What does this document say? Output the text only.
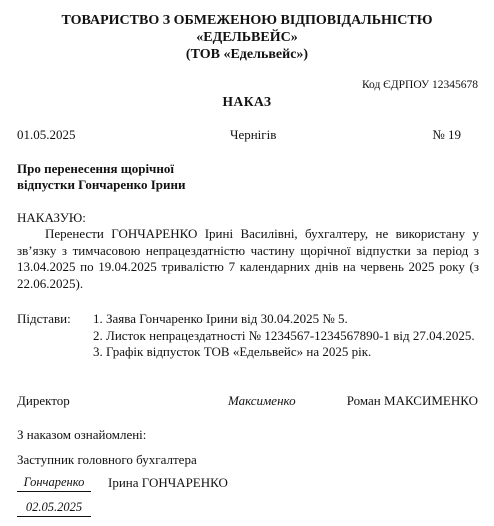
ТОВАРИСТВО З ОБМЕЖЕНОЮ ВІДПОВІДАЛЬНІСТЮ
«ЕДЕЛЬВЕЙС»
(ТОВ «Едельвейс»)
Код ЄДРПОУ 12345678
НАКАЗ
01.05.2025	Чернігів	№ 19
Про перенесення щорічної
відпустки Гончаренко Ірини
НАКАЗУЮ:

Перенести ГОНЧАРЕНКО Ірині Василівні, бухгалтеру, не використану у зв’язку з тимчасовою непрацездатністю частину щорічної відпустки за період з 13.04.2025 по 19.04.2025 тривалістю 7 календарних днів на червень 2025 року (з 22.06.2025).

Підстави: 1. Заява Гончаренко Ірини від 30.04.2025 № 5.
2. Листок непрацездатності № 1234567-1234567890-1 від 27.04.2025.
3. Графік відпусток ТОВ «Едельвейс» на 2025 рік.
Директор	Максименко	Роман МАКСИМЕНКО
З наказом ознайомлені:
Заступник головного бухгалтера
Гончаренко	Ірина ГОНЧАРЕНКО
02.05.2025
